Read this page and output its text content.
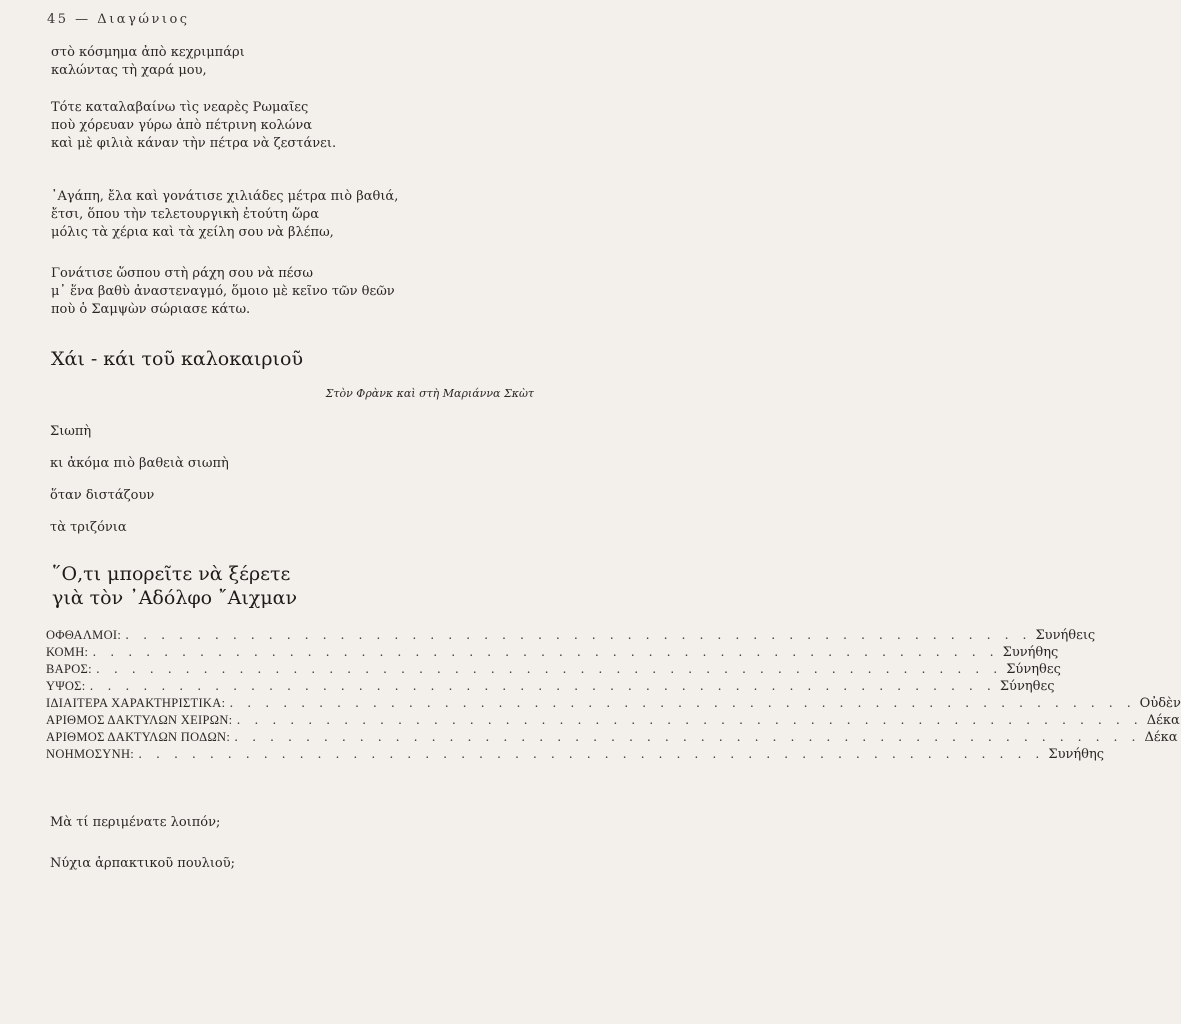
45 — Διαγώνιος
στὸ κόσμημα ἀπὸ κεχριμπάρι
καλώντας τὴ χαρά μου,
Τότε καταλαβαίνω τὶς νεαρὲς Ρωμαῖες
ποὺ χόρευαν γύρω ἀπὸ πέτρινη κολώνα
καὶ μὲ φιλιὰ κάναν τὴν πέτρα νὰ ζεστάνει.
᾿Αγάπη, ἔλα καὶ γονάτισε χιλιάδες μέτρα πιὸ βαθιά,
ἔτσι, ὅπου τὴν τελετουργικὴ ἐτούτη ὥρα
μόλις τὰ χέρια καὶ τὰ χείλη σου νὰ βλέπω,
Γονάτισε ὥσπου στὴ ράχη σου νὰ πέσω
μ᾿ ἕνα βαθὺ ἀναστεναγμό, ὅμοιο μὲ κεῖνο τῶν θεῶν
ποὺ ὁ Σαμψὼν σώριασε κάτω.
Χάι - κάι τοῦ καλοκαιριοῦ
Στὸν Φρὰνκ καὶ στὴ Μαριάννα Σκὼτ
Σιωπὴ
κι ἀκόμα πιὸ βαθειὰ σιωπὴ
ὅταν διστάζουν
τὰ τριζόνια
῞Ο,τι μπορεῖτε νὰ ξέρετε
γιὰ τὸν ᾿Αδόλφο ῎Αιχμαν
ΟΦΘΑΛΜΟΙ: . . . . . . . . . . . . . . . . . . . . . . . . . . . . . . . . . . . . . . . . . . . . . . . . . . . Συνήθεις
ΚΟΜΗ: . . . . . . . . . . . . . . . . . . . . . . . . . . . . . . . . . . . . . . . . . . . . . . . . . . . Συνήθης
ΒΑΡΟΣ: . . . . . . . . . . . . . . . . . . . . . . . . . . . . . . . . . . . . . . . . . . . . . . . . . . . Σύνηθες
ΥΨΟΣ: . . . . . . . . . . . . . . . . . . . . . . . . . . . . . . . . . . . . . . . . . . . . . . . . . . . Σύνηθες
ΙΔΙΑΙΤΕΡΑ ΧΑΡΑΚΤΗΡΙΣΤΙΚΑ: . . . . . . . . . . . . . . . . . . . . . . . . . . . . . . . . . . . . . . . . . . . . . . . . . . . Οὐδὲν
ΑΡΙΘΜΟΣ ΔΑΚΤΥΛΩΝ ΧΕΙΡΩΝ: . . . . . . . . . . . . . . . . . . . . . . . . . . . . . . . . . . . . . . . . . . . . . . . . . . . Δέκα
ΑΡΙΘΜΟΣ ΔΑΚΤΥΛΩΝ ΠΟΔΩΝ: . . . . . . . . . . . . . . . . . . . . . . . . . . . . . . . . . . . . . . . . . . . . . . . . . . . Δέκα
ΝΟΗΜΟΣΥΝΗ: . . . . . . . . . . . . . . . . . . . . . . . . . . . . . . . . . . . . . . . . . . . . . . . . . . . Συνήθης
Μὰ τί περιμένατε λοιπόν;
Νύχια ἁρπακτικοῦ πουλιοῦ;
